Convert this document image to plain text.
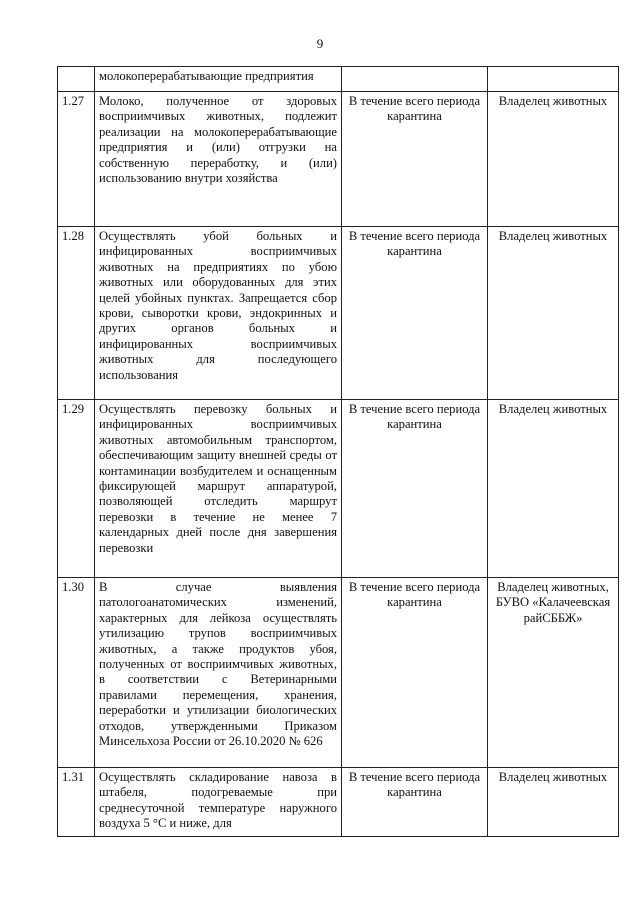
9
	молокоперерабатывающие предприятия		
1.27	Молоко, полученное от здоровых восприимчивых животных, подлежит реализации на молокоперерабатывающие предприятия и (или) отгрузки на собственную переработку, и (или) использованию внутри хозяйства	В течение всего периода карантина	Владелец животных
1.28	Осуществлять убой больных и инфицированных восприимчивых животных на предприятиях по убою животных или оборудованных для этих целей убойных пунктах. Запрещается сбор крови, сыворотки крови, эндокринных и других органов больных и инфицированных восприимчивых животных для последующего использования	В течение всего периода карантина	Владелец животных
1.29	Осуществлять перевозку больных и инфицированных восприимчивых животных автомобильным транспортом, обеспечивающим защиту внешней среды от контаминации возбудителем и оснащенным фиксирующей маршрут аппаратурой, позволяющей отследить маршрут перевозки в течение не менее 7 календарных дней после дня завершения перевозки	В течение всего периода карантина	Владелец животных
1.30	В случае выявления патологоанатомических изменений, характерных для лейкоза осуществлять утилизацию трупов восприимчивых животных, а также продуктов убоя, полученных от восприимчивых животных, в соответствии с Ветеринарными правилами перемещения, хранения, переработки и утилизации биологических отходов, утвержденными Приказом Минсельхоза России от 26.10.2020 № 626	В течение всего периода карантина	Владелец животных, БУВО «Калачеевская райСББЖ»
1.31	Осуществлять складирование навоза в штабеля, подогреваемые при среднесуточной температуре наружного воздуха 5 °С и ниже, для	В течение всего периода карантина	Владелец животных
